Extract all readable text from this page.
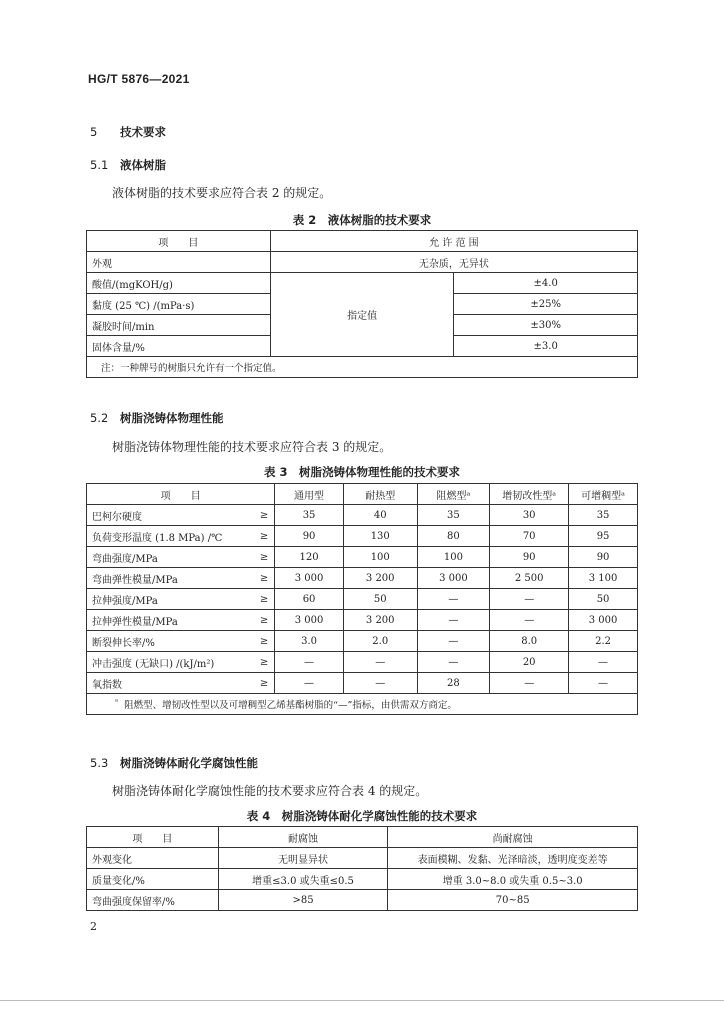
HG/T 5876—2021
5 技术要求
5.1 液体树脂
液体树脂的技术要求应符合表 2 的规定。
表 2　液体树脂的技术要求
项　　目	允 许 范 围	
外观	无杂质，无异状	
酸值/(mgKOH/g)	指定值	±4.0
黏度 (25 ℃) /(mPa·s)		±25%
凝胶时间/min		±30%
固体含量/%		±3.0
注：一种牌号的树脂只允许有一个指定值。		
5.2 树脂浇铸体物理性能
树脂浇铸体物理性能的技术要求应符合表 3 的规定。
表 3　树脂浇铸体物理性能的技术要求
项　　目		通用型	耐热型	阻燃型ᵃ	增韧改性型ᵃ	可增稠型ᵃ
巴柯尔硬度	≥	35	40	35	30	35
负荷变形温度 (1.8 MPa) /℃	≥	90	130	80	70	95
弯曲强度/MPa	≥	120	100	100	90	90
弯曲弹性模量/MPa	≥	3 000	3 200	3 000	2 500	3 100
拉伸强度/MPa	≥	60	50	—	—	50
拉伸弹性模量/MPa	≥	3 000	3 200	—	—	3 000
断裂伸长率/%	≥	3.0	2.0	—	8.0	2.2
冲击强度 (无缺口) /(kJ/m²)	≥	—	—	—	20	—
氧指数	≥	—	—	28	—	—
$^ᵃ$ 阻燃型、增韧改性型以及可增稠型乙烯基酯树脂的“—”指标，由供需双方商定。						
5.3 树脂浇铸体耐化学腐蚀性能
树脂浇铸体耐化学腐蚀性能的技术要求应符合表 4 的规定。
表 4　树脂浇铸体耐化学腐蚀性能的技术要求
项　　目	耐腐蚀	尚耐腐蚀
外观变化	无明显异状	表面模糊、发黏、光泽暗淡，透明度变差等
质量变化/%	增重≤3.0 或失重≤0.5	增重 3.0~8.0 或失重 0.5~3.0
弯曲强度保留率/%	>85	70~85
2
